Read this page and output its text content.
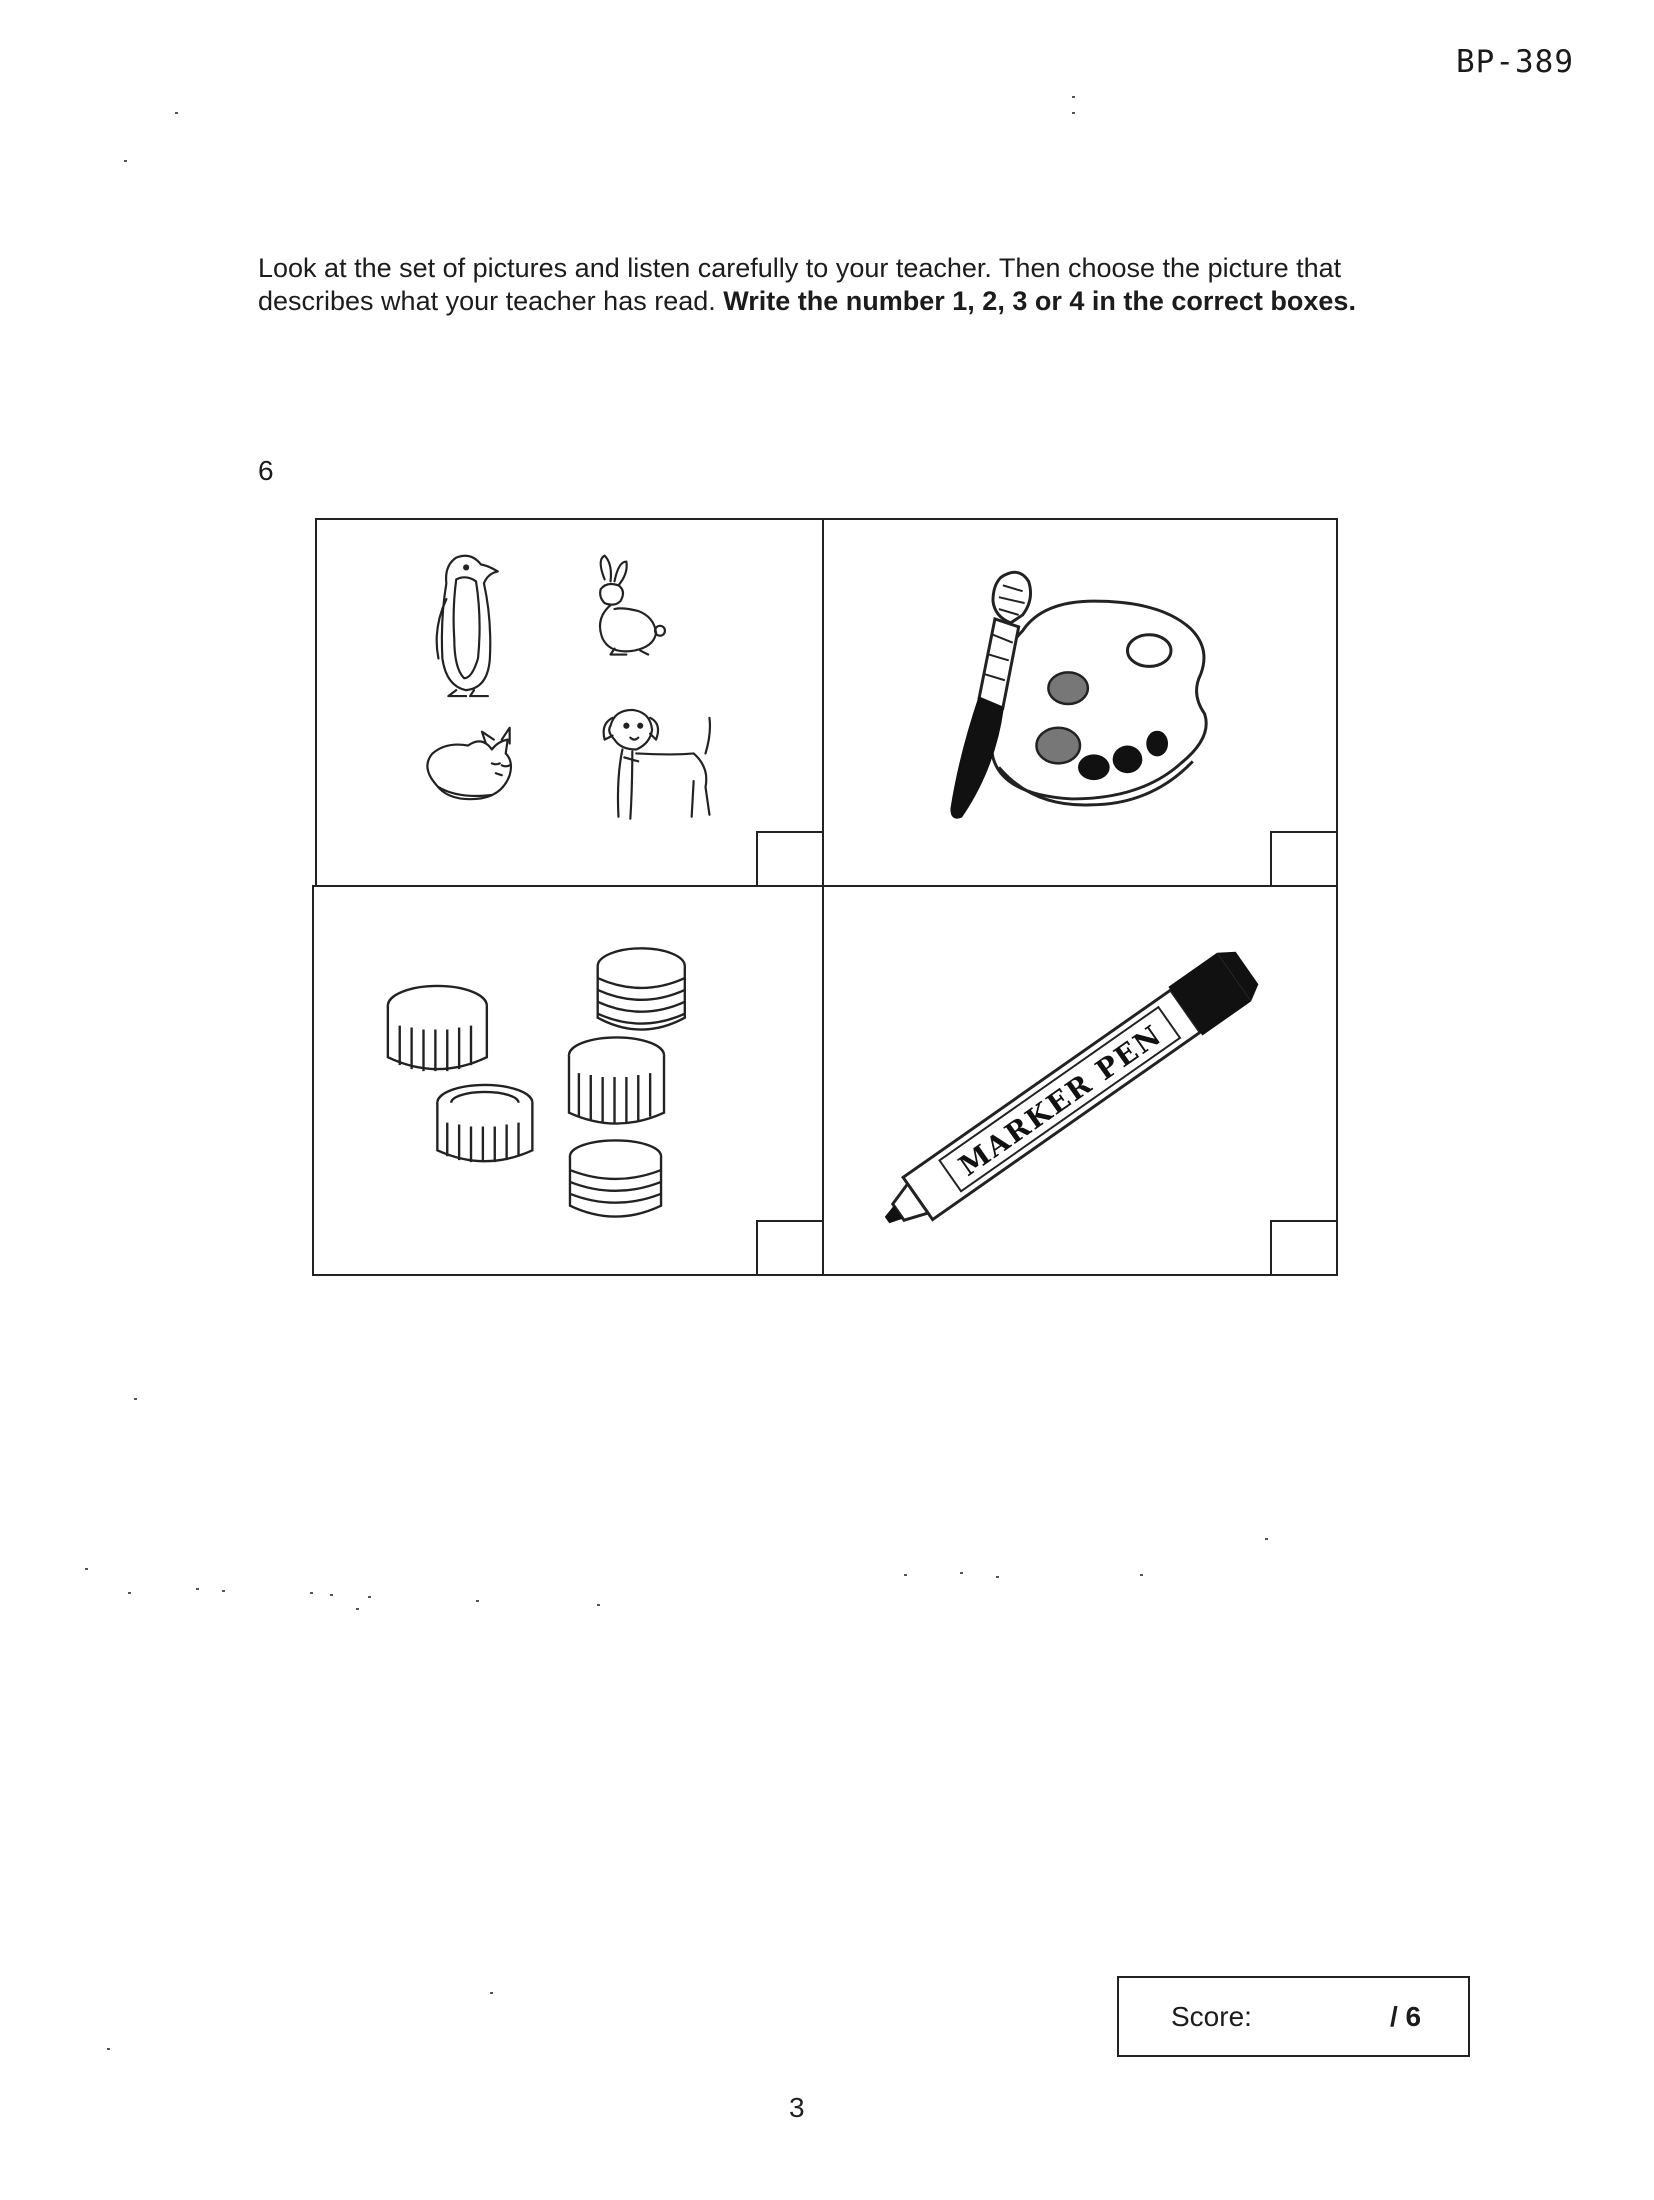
BP-389
Look at the set of pictures and listen carefully to your teacher. Then choose the picture that describes what your teacher has read. Write the number 1, 2, 3 or 4 in the correct boxes.
6
MARKER PEN
Score:	/ 6
3
